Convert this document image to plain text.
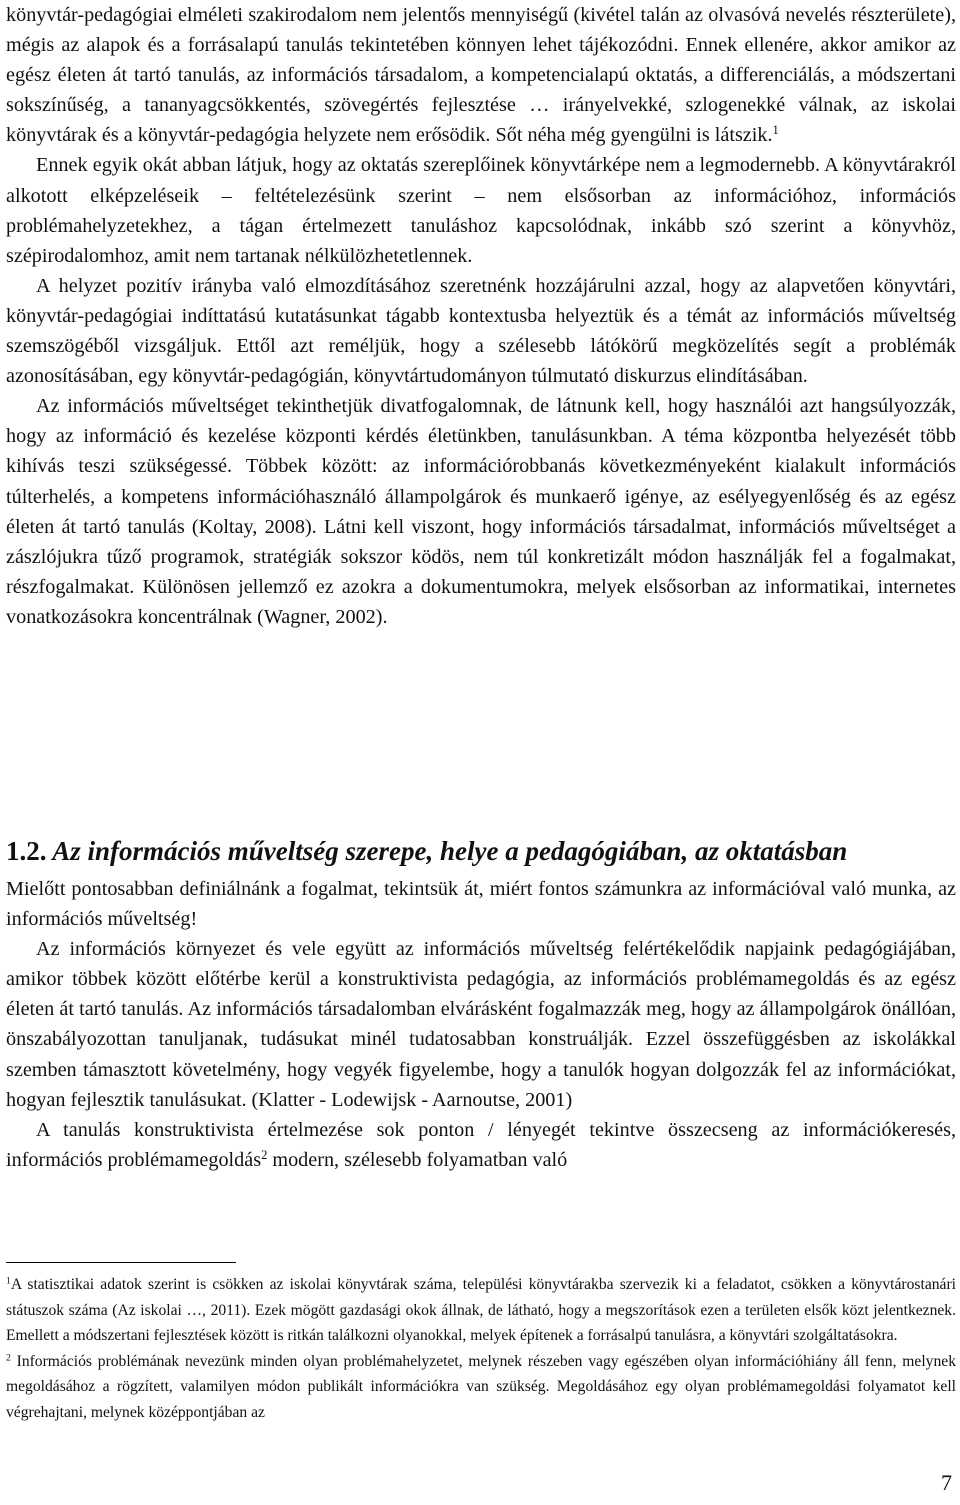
könyvtár-pedagógiai elméleti szakirodalom nem jelentős mennyiségű (kivétel talán az olvasóvá nevelés részterülete), mégis az alapok és a forrásalapú tanulás tekintetében könnyen lehet tájékozódni. Ennek ellenére, akkor amikor az egész életen át tartó tanulás, az információs társadalom, a kompetencialapú oktatás, a differenciálás, a módszertani sokszínűség, a tananyagcsökkentés, szövegértés fejlesztése … irányelvekké, szlogenekké válnak, az iskolai könyvtárak és a könyvtár-pedagógia helyzete nem erősödik. Sőt néha még gyengülni is látszik.$^1$

Ennek egyik okát abban látjuk, hogy az oktatás szereplőinek könyvtárképe nem a legmodernebb. A könyvtárakról alkotott elképzeléseik – feltételezésünk szerint – nem elsősorban az információhoz, információs problémahelyzetekhez, a tágan értelmezett tanuláshoz kapcsolódnak, inkább szó szerint a könyvhöz, szépirodalomhoz, amit nem tartanak nélkülözhetetlennek.

A helyzet pozitív irányba való elmozdításához szeretnénk hozzájárulni azzal, hogy az alapvetően könyvtári, könyvtár-pedagógiai indíttatású kutatásunkat tágabb kontextusba helyeztük és a témát az információs műveltség szemszögéből vizsgáljuk. Ettől azt reméljük, hogy a szélesebb látókörű megközelítés segít a problémák azonosításában, egy könyvtár-pedagógián, könyvtártudományon túlmutató diskurzus elindításában.

Az információs műveltséget tekinthetjük divatfogalomnak, de látnunk kell, hogy használói azt hangsúlyozzák, hogy az információ és kezelése központi kérdés életünkben, tanulásunkban. A téma központba helyezését több kihívás teszi szükségessé. Többek között: az információrobbanás következményeként kialakult információs túlterhelés, a kompetens információhasználó állampolgárok és munkaerő igénye, az esélyegyenlőség és az egész életen át tartó tanulás (Koltay, 2008). Látni kell viszont, hogy információs társadalmat, információs műveltséget a zászlójukra tűző programok, stratégiák sokszor ködös, nem túl konkretizált módon használják fel a fogalmakat, részfogalmakat. Különösen jellemző ez azokra a dokumentumokra, melyek elsősorban az informatikai, internetes vonatkozásokra koncentrálnak (Wagner, 2002).

1.2. Az információs műveltség szerepe, helye a pedagógiában, az oktatásban

Mielőtt pontosabban definiálnánk a fogalmat, tekintsük át, miért fontos számunkra az információval való munka, az információs műveltség!

Az információs környezet és vele együtt az információs műveltség felértékelődik napjaink pedagógiájában, amikor többek között előtérbe kerül a konstruktivista pedagógia, az információs problémamegoldás és az egész életen át tartó tanulás. Az információs társadalomban elvárásként fogalmazzák meg, hogy az állampolgárok önállóan, önszabályozottan tanuljanak, tudásukat minél tudatosabban konstruálják. Ezzel összefüggésben az iskolákkal szemben támasztott követelmény, hogy vegyék figyelembe, hogy a tanulók hogyan dolgozzák fel az információkat, hogyan fejlesztik tanulásukat. (Klatter - Lodewijsk - Aarnoutse, 2001)

A tanulás konstruktivista értelmezése sok ponton / lényegét tekintve összecseng az információkeresés, információs problémamegoldás$^2$ modern, szélesebb folyamatban való

$^1$A statisztikai adatok szerint is csökken az iskolai könyvtárak száma, települési könyvtárakba szervezik ki a feladatot, csökken a könyvtárostanári státuszok száma (Az iskolai …, 2011). Ezek mögött gazdasági okok állnak, de látható, hogy a megszorítások ezen a területen elsők közt jelentkeznek. Emellett a módszertani fejlesztések között is ritkán találkozni olyanokkal, melyek építenek a forrásalpú tanulásra, a könyvtári szolgáltatásokra.

$^2$ Információs problémának nevezünk minden olyan problémahelyzetet, melynek részeben vagy egészében olyan információhiány áll fenn, melynek megoldásához a rögzített, valamilyen módon publikált információkra van szükség. Megoldásához egy olyan problémamegoldási folyamatot kell végrehajtani, melynek középpontjában az

7
